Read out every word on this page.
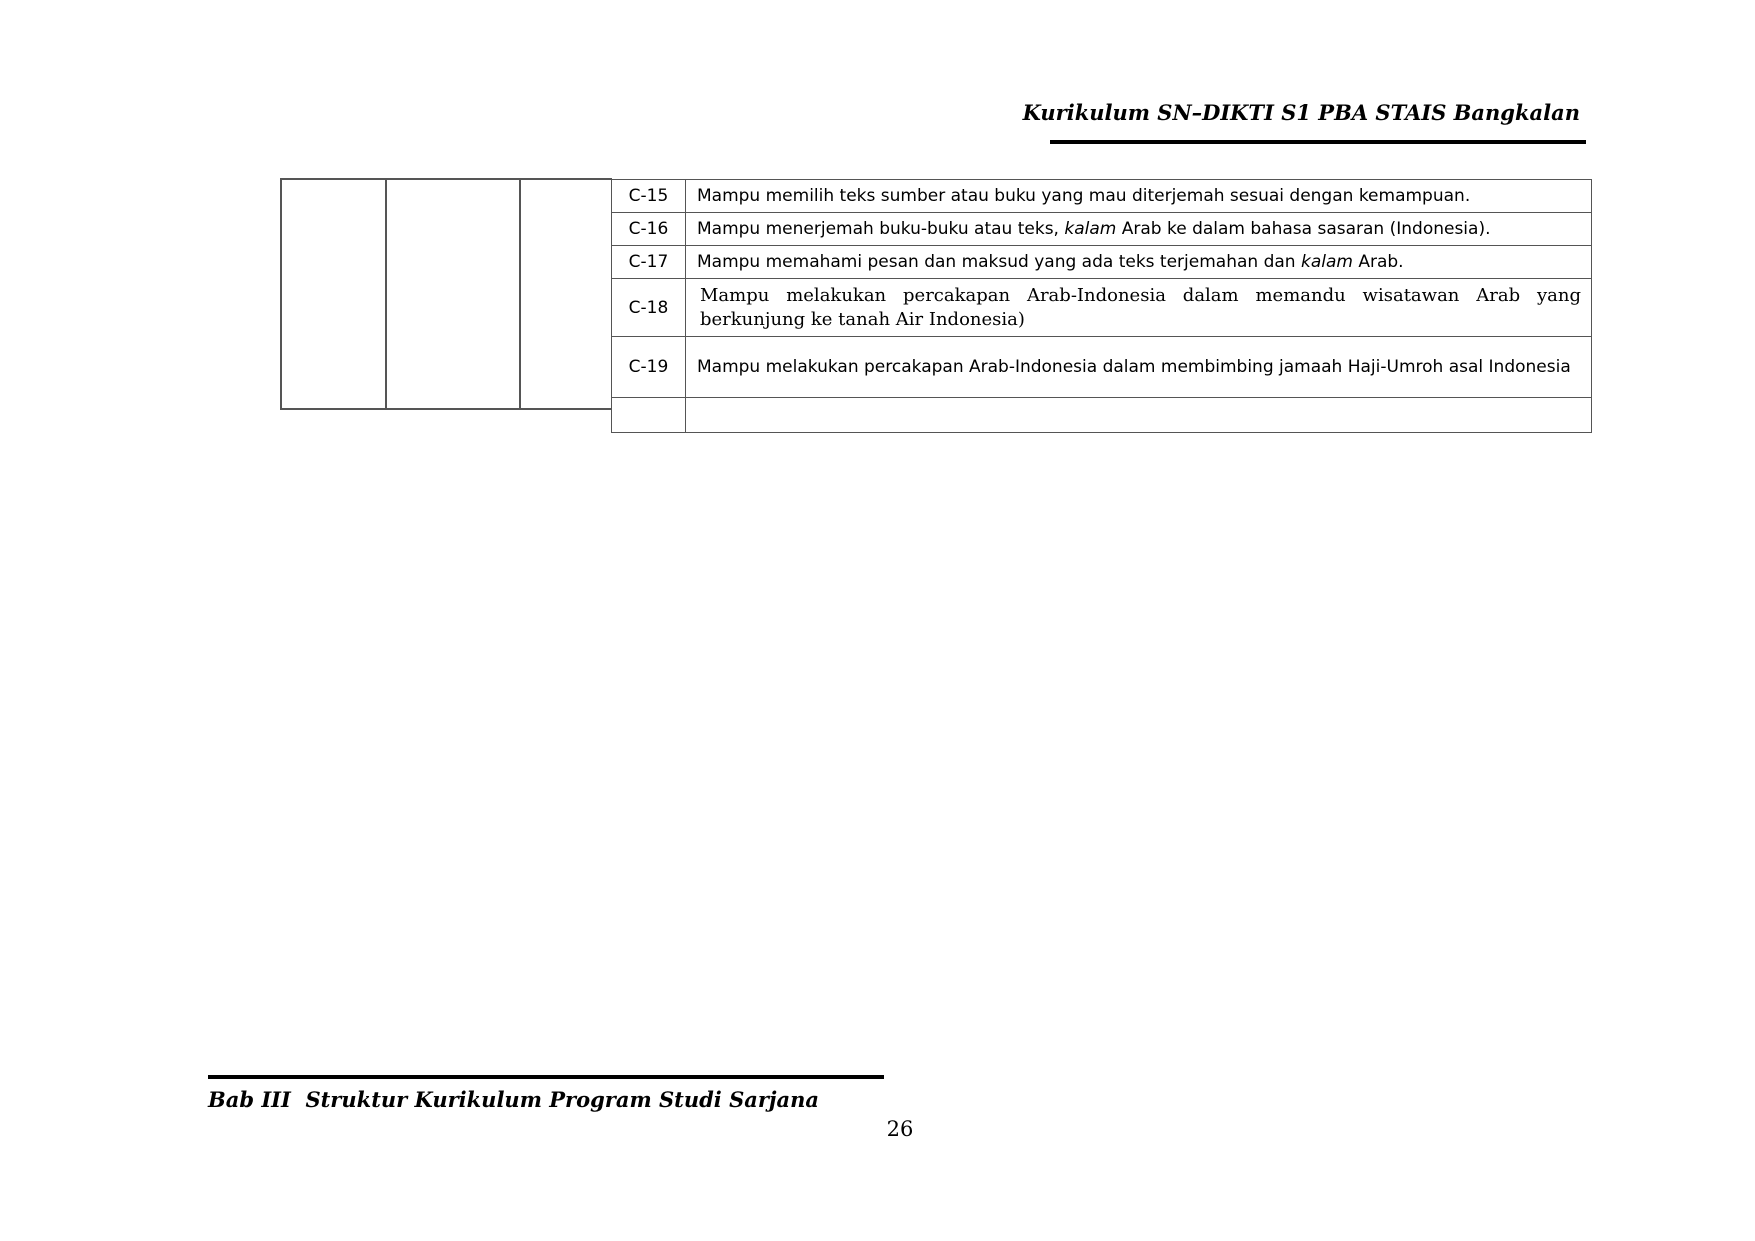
Kurikulum SN–DIKTI S1 PBA STAIS Bangkalan
C-15	Mampu memilih teks sumber atau buku yang mau diterjemah sesuai dengan kemampuan.
C-16	Mampu menerjemah buku-buku atau teks, kalam Arab ke dalam bahasa sasaran (Indonesia).
C-17	Mampu memahami pesan dan maksud yang ada teks terjemahan dan kalam Arab.
C-18	Mampu melakukan percakapan Arab-Indonesia dalam memandu wisatawan Arab yang berkunjung ke tanah Air Indonesia)
C-19	Mampu melakukan percakapan Arab-Indonesia dalam membimbing jamaah Haji-Umroh asal Indonesia

Bab III  Struktur Kurikulum Program Studi Sarjana
26
